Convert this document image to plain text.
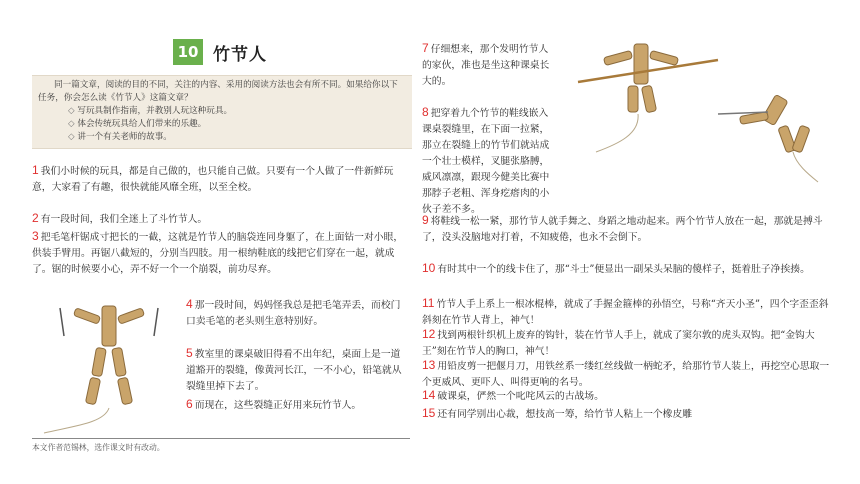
10 竹节人

同一篇文章，阅读的目的不同，关注的内容、采用的阅读方法也会有所不同。如果给你以下任务，你会怎么读《竹节人》这篇文章？

◇ 写玩具制作指南，并教别人玩这种玩具。
◇ 体会传统玩具给人们带来的乐趣。
◇ 讲一个有关老师的故事。
1 我们小时候的玩具，都是自己做的，也只能自己做。只要有一个人做了一件新鲜玩意，大家看了有趣，很快就能风靡全班，以至全校。
2 有一段时间，我们全迷上了斗竹节人。
3 把毛笔杆锯成寸把长的一截，这就是竹节人的脑袋连同身躯了，在上面钻一对小眼，供装手臂用。再锯八截短的，分别当四肢。用一根纳鞋底的线把它们穿在一起，就成了。锯的时候要小心，弄不好一个一个崩裂，前功尽弃。
4 那一段时间，妈妈怪我总是把毛笔弄丢，而校门口卖毛笔的老头则生意特别好。
5 教室里的课桌破旧得看不出年纪，桌面上是一道道豁开的裂缝，像黄河长江，一不小心，铅笔就从裂缝里掉下去了。
6 而现在，这些裂缝正好用来玩竹节人。
本文作者范锡林，选作课文时有改动。
7 仔细想来，那个发明竹节人的家伙，准也是坐这种课桌长大的。
8 把穿着九个竹节的鞋线嵌入课桌裂缝里，在下面一拉紧，那立在裂缝上的竹节们就站成一个壮士模样，叉腿张胳膊，威风凛凛，跟现今健美比赛中那脖子老粗、浑身疙瘩肉的小伙子差不多。
9 将鞋线一松一紧，那竹节人就手舞之、身蹈之地动起来。两个竹节人放在一起，那就是搏斗了，没头没脑地对打着，不知疲倦，也永不会倒下。
10 有时其中一个的线卡住了，那“斗士”便显出一副呆头呆脑的傻样子，挺着肚子净挨揍。
11 竹节人手上系上一根冰棍棒，就成了手握金箍棒的孙悟空，号称“齐天小圣”，四个字歪歪斜斜刻在竹节人背上，神气！
12 找到两根针织机上废弃的钩针，装在竹节人手上，就成了窦尔敦的虎头双钩。把“金钩大王”刻在竹节人的胸口，神气！
13 用铅皮剪一把偃月刀，用铁丝系一缕红丝线做一柄蛇矛，给那竹节人装上，再挖空心思取一个更威风、更吓人、叫得更响的名号。
14 破课桌，俨然一个叱咤风云的古战场。
15 还有同学别出心裁，想技高一筹，给竹节人粘上一个橡皮雕
